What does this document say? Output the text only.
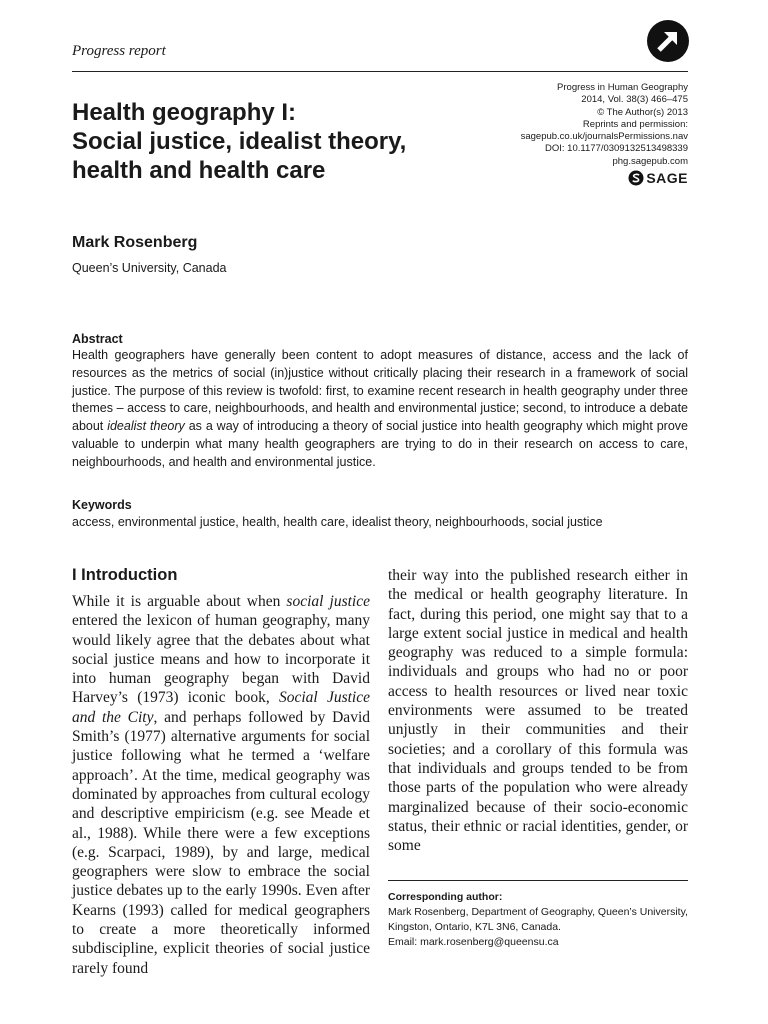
Progress report
Progress in Human Geography
2014, Vol. 38(3) 466–475
© The Author(s) 2013
Reprints and permission:
sagepub.co.uk/journalsPermissions.nav
DOI: 10.1177/0309132513498339
phg.sagepub.com
SAGE
Health geography I:
Social justice, idealist theory,
health and health care
Mark Rosenberg
Queen’s University, Canada
Abstract
Health geographers have generally been content to adopt measures of distance, access and the lack of resources as the metrics of social (in)justice without critically placing their research in a framework of social justice. The purpose of this review is twofold: first, to examine recent research in health geography under three themes – access to care, neighbourhoods, and health and environmental justice; second, to introduce a debate about idealist theory as a way of introducing a theory of social justice into health geography which might prove valuable to underpin what many health geographers are trying to do in their research on access to care, neighbourhoods, and health and environmental justice.
Keywords
access, environmental justice, health, health care, idealist theory, neighbourhoods, social justice
I Introduction

While it is arguable about when social justice entered the lexicon of human geography, many would likely agree that the debates about what social justice means and how to incorporate it into human geography began with David Harvey’s (1973) iconic book, Social Justice and the City, and perhaps followed by David Smith’s (1977) alternative arguments for social justice following what he termed a ‘welfare approach’. At the time, medical geography was dominated by approaches from cultural ecology and descriptive empiricism (e.g. see Meade et al., 1988). While there were a few exceptions (e.g. Scarpaci, 1989), by and large, medical geographers were slow to embrace the social justice debates up to the early 1990s. Even after Kearns (1993) called for medical geographers to create a more theoretically informed subdiscipline, explicit theories of social justice rarely found

their way into the published research either in the medical or health geography literature. In fact, during this period, one might say that to a large extent social justice in medical and health geography was reduced to a simple formula: individuals and groups who had no or poor access to health resources or lived near toxic environments were assumed to be treated unjustly in their communities and their societies; and a corollary of this formula was that individuals and groups tended to be from those parts of the population who were already marginalized because of their socio-economic status, their ethnic or racial identities, gender, or some

Corresponding author:
Mark Rosenberg, Department of Geography, Queen’s University, Kingston, Ontario, K7L 3N6, Canada.
Email: mark.rosenberg@queensu.ca
